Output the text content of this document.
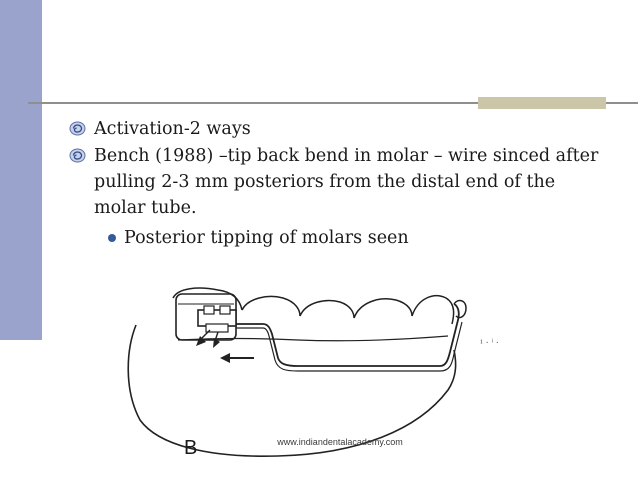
Activation-2 ways
Bench (1988) –tip back bend in molar – wire sinced after pulling 2-3 mm posteriors from the distal end of the molar tube.
Posterior tipping of molars seen
¹ · ⁱ ·
B	www.indiandentalacademy.com
